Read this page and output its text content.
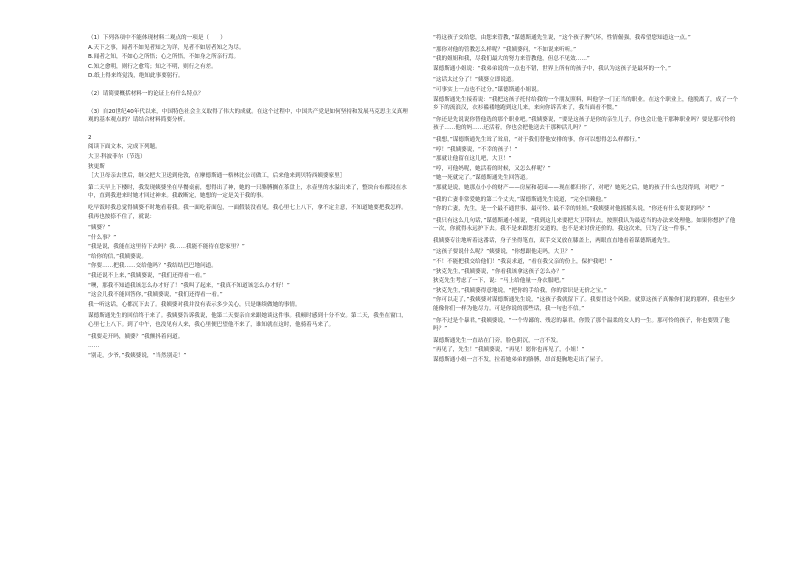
（1）下列各项中不能体现材料二观点的一项是（　　）

A.天下之事，闻者不如见者知之为详，见者不如居者知之为尽。

B.闻者之知，不如心之所悟；心之所悟，不如身之所亲行焉。

C.知之愈明，则行之愈笃；知之不明，则行之有差。

D.纸上得来终觉浅，绝知此事要躬行。

（2）请简要概括材料一的论证上有什么特点？

（3）自20世纪40年代以来，中国特色社会主义取得了伟大的成就。在这个过程中，中国共产党是如何坚持和发展马克思主义真理观的基本观点的？请结合材料简要分析。

2

阅读下面文本，完成下列题。

大卫·科波菲尔（节选）

狄更斯

［大卫母亲去世后，继父把大卫送到伦敦，在摩德斯通一格林比公司做工，后来他来到贝特西姨婆家里］

第二天早上下楼时，我发现姨婆坐在早餐桌前，想得出了神，她的一只胳膊搁在茶盘上，水壶里的水溢出来了，整块台布都浸在水中，直到我进来时她才回过神来。我敢断定，她想的一定是关于我的事。

吃早饭时我总觉得姨婆不时地看着我。我一面吃着面包，一面假装没看见，我心里七上八下，拿不定主意，不知道她要把我怎样。我再也按捺不住了，就说：

“姨婆？”

“什么事？”

“我是说，我能在这里待下去吗？我……我能不能待在您家里？”

“给你的信，”我姨婆说。

“你要……把我……交给他吗？”我结结巴巴地问道。

“我还说不上来，”我姨婆说，“我们还得看一看。”

“噢，那我不知道我该怎么办才好了！”我叫了起来，“我真不知道该怎么办才好！”

“这会儿我不能回答你，”我姨婆说，“我们还得看一看。”

我一听这话，心都沉下去了。我姨婆对我并没有表示多少关心，只是继续做她的事情。

谋德斯通先生的回信终于来了。我姨婆告诉我说，他第二天要亲自来跟她谈这件事。我顿时感到十分不安。第二天，我坐在窗口，心里七上八下。到了中午，也没见有人来，我心里便巴望他不来了，谁知就在这时，他骑着马来了。

“我要走开吗，姨婆？”我颤抖着问道。

……

“别走，少爷，”我姨婆说，“当然别走！”

“将这孩子交给您，由您来管教，”谋德斯通先生说，“这个孩子脾气坏，性情倔强，我希望您知道这一点。”

“那你对他的管教怎么样呢？”我姨婆问，“不如说来听听。”

“我的姐姐和我，尽我们最大的努力来管教他，但总不见效……”

谋德斯通小姐说：“我弟弟说的一点也不错，世界上所有的孩子中，我认为这孩子是最坏的一个。”

“这话太过分了！”姨婆立即说道。

“可事实上一点也不过分。”谋德斯通小姐说。

谋德斯通先生接着说：“我把这孩子托付给我的一个朋友照料，叫他学一门正当的职业。在这个职业上，他脱离了，成了一个乡下的流浪汉，衣衫褴褛地跑到这儿来，来向你诉苦来了，我当面看不惯。”

“你还是先说说你替他选的那个职业吧。”我姨婆说，“要是这孩子是你的亲生儿子，你也会让他干那种职业吗？要是那可怜的孩子……他的妈……还活着，你也会把他送去干那种活儿吗？”

“我想，”谋德斯通先生耸了耸肩，“对于我们替他安排的事，你可以想得怎么样都行。”

“哼！”我姨婆说，“不幸的孩子！”

“那就让他留在这儿吧，大卫！”

“哼，可他妈呢，她活着的时候，又怎么样呢？”

“她一死就完了。”谋德斯通先生回答道。

“那就是说，她那点小小的财产——房屋和花园——现在都归你了，对吧？她死之后，她的孩子什么也没得到，对吧？”

“我的亡妻非常爱她的第二个丈夫，”谋德斯通先生说道，“完全信赖他。”

“你的亡妻，先生，是一个最不通世事、最可怜、最不幸的娃娃。”我姨婆对他摇摇头说，“你还有什么要说的吗？”

“我只有这么几句话，”谋德斯通小姐说，“我到这儿来要把大卫带回去，按照我认为最适当的办法来处理他。如果你想护了他一次，你就得永远护下去。我不是来跟您打交道的，也不是来讨价还价的。我这次来，只为了这一件事。”

我姨婆专注地听着这番话，身子坐得笔直，双手交叉放在膝盖上，两眼直直地看着谋德斯通先生。

“这孩子要说什么呢？”姨婆说，“你想跟他走吗，大卫？”

“不！不能把我交给他们！”我哀求道，“看在我父亲的份上，保护我吧！”

“狄克先生，”我姨婆说，“你看我该拿这孩子怎么办？”

狄克先生考虑了一下，说：“马上给他量一身衣服吧。”

“狄克先生，”我姨婆得意地说，“把你的手给我，你的常识是无价之宝。”

“你可以走了，”我姨婆对谋德斯通先生说，“这孩子我就留下了。我要冒这个风险。就算这孩子真像你们说的那样，我也至少能像你们一样为他尽力。可是你说的那些话，我一句也不信。”

“你不过是个暴君，”我姨婆说，“一个卑鄙的、残忍的暴君。你毁了那个温柔的女人的一生。那可怜的孩子，你也要毁了他吗？”

谋德斯通先生一直站在门旁，脸色阴沉，一言不发。

“再见了，先生！”我姨婆说，“再见！愿你也再见了，小姐！”

谋德斯通小姐一言不发，拉着她弟弟的胳膊，昂首挺胸地走出了屋子。
